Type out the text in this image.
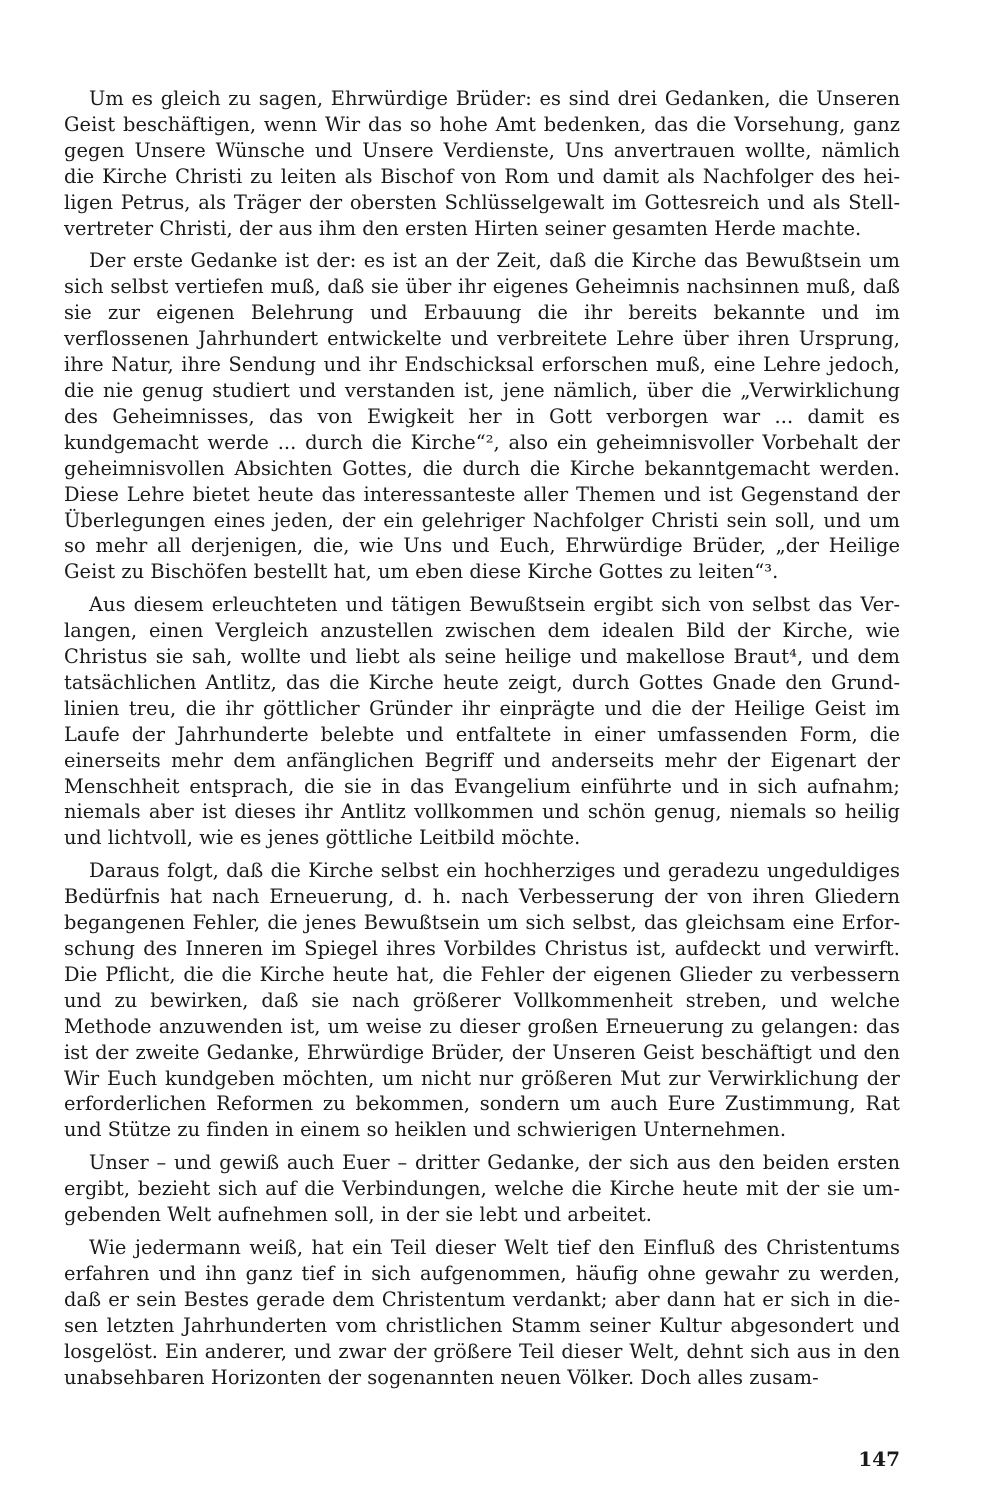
Um es gleich zu sagen, Ehrwürdige Brüder: es sind drei Gedanken, die Unseren Geist beschäftigen, wenn Wir das so hohe Amt bedenken, das die Vorsehung, ganz gegen Unsere Wünsche und Unsere Verdienste, Uns anvertrauen wollte, nämlich die Kirche Christi zu leiten als Bischof von Rom und damit als Nachfolger des heiligen Petrus, als Träger der obersten Schlüsselgewalt im Gottesreich und als Stellvertreter Christi, der aus ihm den ersten Hirten seiner gesamten Herde machte.

Der erste Gedanke ist der: es ist an der Zeit, daß die Kirche das Bewußtsein um sich selbst vertiefen muß, daß sie über ihr eigenes Geheimnis nachsinnen muß, daß sie zur eigenen Belehrung und Erbauung die ihr bereits bekannte und im verflossenen Jahrhundert entwickelte und verbreitete Lehre über ihren Ursprung, ihre Natur, ihre Sendung und ihr Endschicksal erforschen muß, eine Lehre jedoch, die nie genug studiert und verstanden ist, jene nämlich, über die „Verwirklichung des Geheimnisses, das von Ewigkeit her in Gott verborgen war ... damit es kundgemacht werde ... durch die Kirche“², also ein geheimnisvoller Vorbehalt der geheimnisvollen Absichten Gottes, die durch die Kirche bekanntgemacht werden. Diese Lehre bietet heute das interessanteste aller Themen und ist Gegenstand der Überlegungen eines jeden, der ein gelehriger Nachfolger Christi sein soll, und um so mehr all derjenigen, die, wie Uns und Euch, Ehrwürdige Brüder, „der Heilige Geist zu Bischöfen bestellt hat, um eben diese Kirche Gottes zu leiten“³.

Aus diesem erleuchteten und tätigen Bewußtsein ergibt sich von selbst das Verlangen, einen Vergleich anzustellen zwischen dem idealen Bild der Kirche, wie Christus sie sah, wollte und liebt als seine heilige und makellose Braut⁴, und dem tatsächlichen Antlitz, das die Kirche heute zeigt, durch Gottes Gnade den Grundlinien treu, die ihr göttlicher Gründer ihr einprägte und die der Heilige Geist im Laufe der Jahrhunderte belebte und entfaltete in einer umfassenden Form, die einerseits mehr dem anfänglichen Begriff und anderseits mehr der Eigenart der Menschheit entsprach, die sie in das Evangelium einführte und in sich aufnahm; niemals aber ist dieses ihr Antlitz vollkommen und schön genug, niemals so heilig und lichtvoll, wie es jenes göttliche Leitbild möchte.

Daraus folgt, daß die Kirche selbst ein hochherziges und geradezu ungeduldiges Bedürfnis hat nach Erneuerung, d. h. nach Verbesserung der von ihren Gliedern begangenen Fehler, die jenes Bewußtsein um sich selbst, das gleichsam eine Erforschung des Inneren im Spiegel ihres Vorbildes Christus ist, aufdeckt und verwirft. Die Pflicht, die die Kirche heute hat, die Fehler der eigenen Glieder zu verbessern und zu bewirken, daß sie nach größerer Vollkommenheit streben, und welche Methode anzuwenden ist, um weise zu dieser großen Erneuerung zu gelangen: das ist der zweite Gedanke, Ehrwürdige Brüder, der Unseren Geist beschäftigt und den Wir Euch kundgeben möchten, um nicht nur größeren Mut zur Verwirklichung der erforderlichen Reformen zu bekommen, sondern um auch Eure Zustimmung, Rat und Stütze zu finden in einem so heiklen und schwierigen Unternehmen.

Unser – und gewiß auch Euer – dritter Gedanke, der sich aus den beiden ersten ergibt, bezieht sich auf die Verbindungen, welche die Kirche heute mit der sie umgebenden Welt aufnehmen soll, in der sie lebt und arbeitet.

Wie jedermann weiß, hat ein Teil dieser Welt tief den Einfluß des Christentums erfahren und ihn ganz tief in sich aufgenommen, häufig ohne gewahr zu werden, daß er sein Bestes gerade dem Christentum verdankt; aber dann hat er sich in diesen letzten Jahrhunderten vom christlichen Stamm seiner Kultur abgesondert und losgelöst. Ein anderer, und zwar der größere Teil dieser Welt, dehnt sich aus in den unabsehbaren Horizonten der sogenannten neuen Völker. Doch alles zusam-

147
